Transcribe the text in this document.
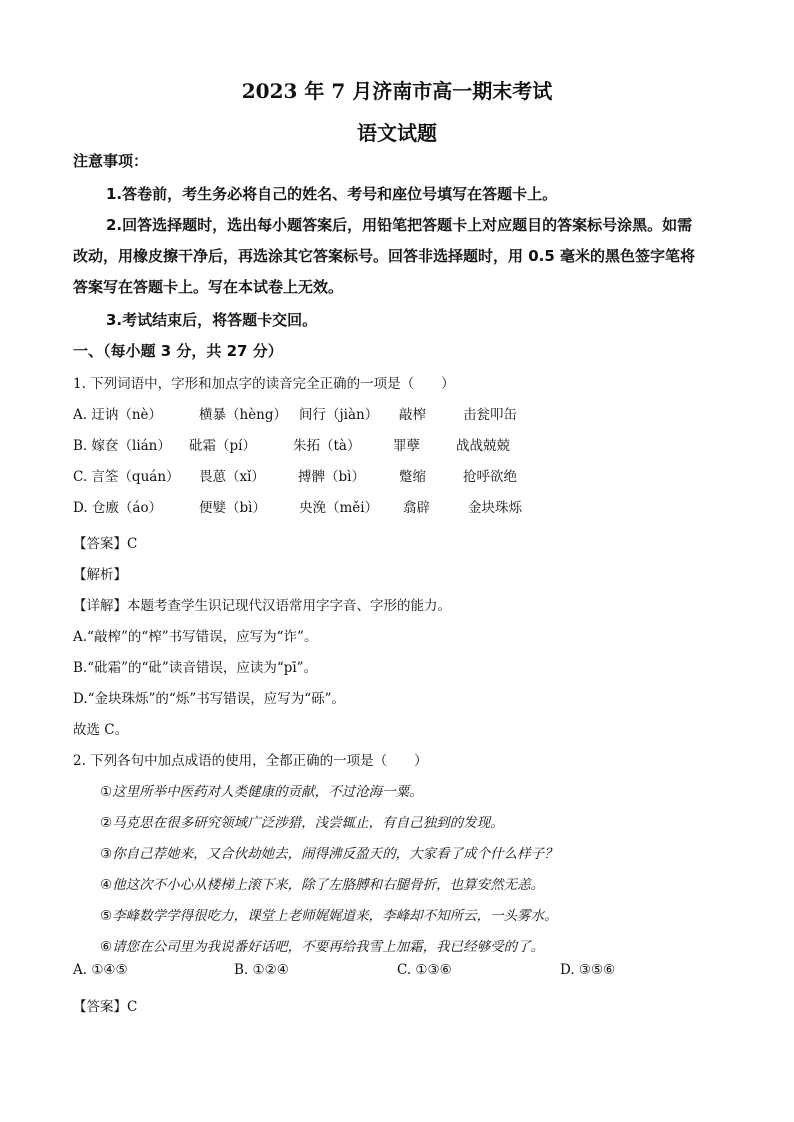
2023 年 7 月济南市高一期末考试
语文试题
注意事项：
1.答卷前，考生务必将自己的姓名、考号和座位号填写在答题卡上。
2.回答选择题时，选出每小题答案后，用铅笔把答题卡上对应题目的答案标号涂黑。如需
改动，用橡皮擦干净后，再选涂其它答案标号。回答非选择题时，用 0.5 毫米的黑色签字笔将
答案写在答题卡上。写在本试卷上无效。
3.考试结束后，将答题卡交回。
一、（每小题 3 分，共 27 分）
1. 下列词语中，字形和加点字的读音完全正确的一项是（　　）
A. 迂讷（nè）	横暴（hèng） 间行（jiàn） 敲榨	击瓮叩缶
B. 嫁奁（lián） 砒霜（pí）	朱拓（tà） 罪孽	战战兢兢
C. 言筌（quán） 畏葸（xǐ） 搏髀（bì）	蹩缩	抢呼欲绝
D. 仓廒（áo）	便嬖（bì） 央浼（měi） 翕辟	金块珠烁
【答案】C
【解析】
【详解】本题考查学生识记现代汉语常用字字音、字形的能力。
A.“敲榨”的“榨”书写错误，应写为“诈”。
B.“砒霜”的“砒”读音错误，应读为“pī”。
D.“金块珠烁”的“烁”书写错误，应写为“砾”。
故选 C。
2. 下列各句中加点成语的使用，全都正确的一项是（　　）
①这里所举中医药对人类健康的贡献，不过沧海一粟。
②马克思在很多研究领域广泛涉猎，浅尝辄止，有自己独到的发现。
③你自己荐她来，又合伙劫她去，闹得沸反盈天的，大家看了成个什么样子？
④他这次不小心从楼梯上滚下来，除了左胳膊和右腿骨折，也算安然无恙。
⑤李峰数学学得很吃力，课堂上老师娓娓道来，李峰却不知所云，一头雾水。
⑥请您在公司里为我说番好话吧，不要再给我雪上加霜，我已经够受的了。
A. ①④⑤	B. ①②④	C. ①③⑥	D. ③⑤⑥
【答案】C
